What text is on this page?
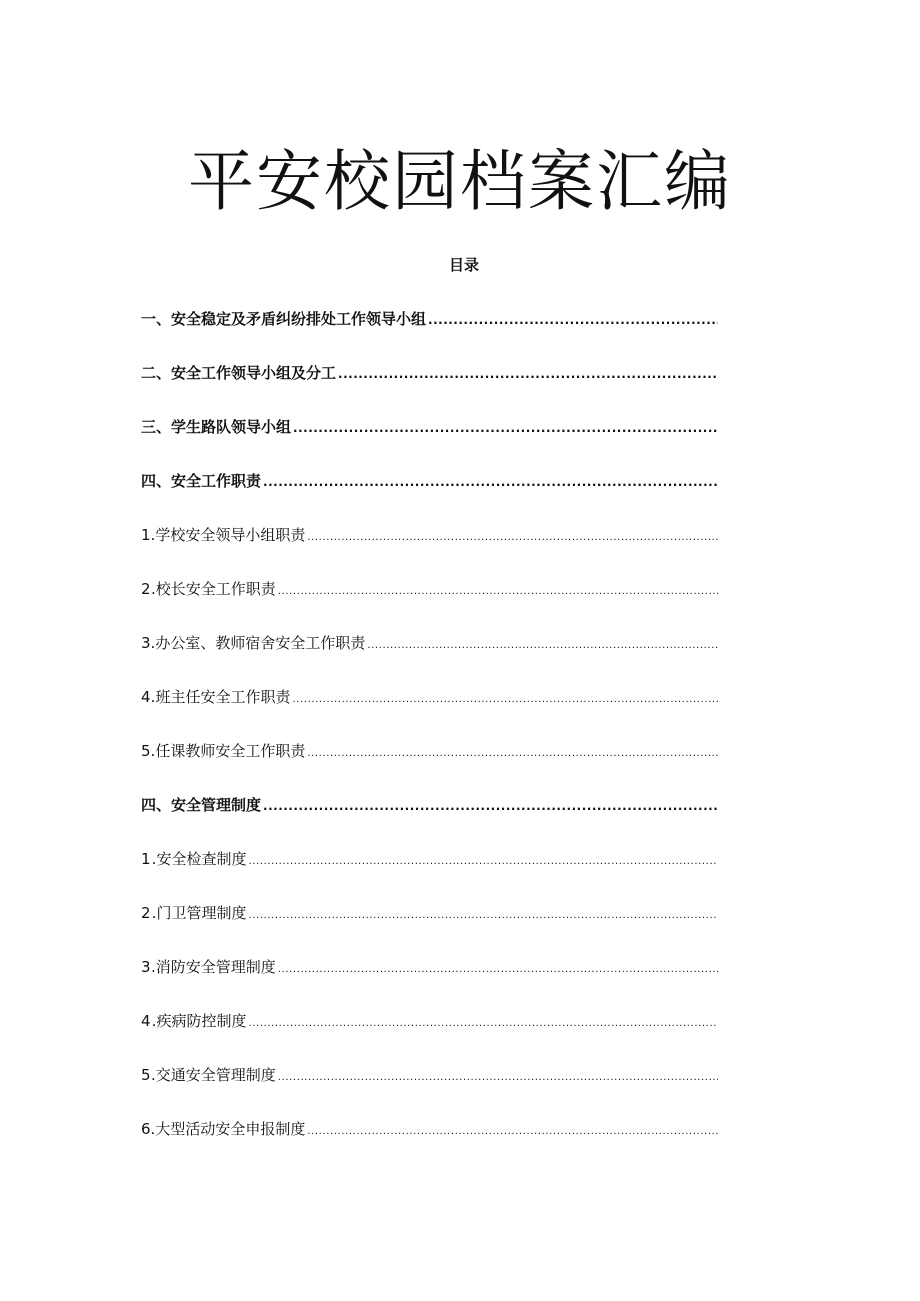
平安校园档案汇编
目录
一、安全稳定及矛盾纠纷排处工作领导小组
.....
二、安全工作领导小组及分工
.....
三、学生路队领导小组
.....
四、安全工作职责
.....
1 .学校安全领导小组职责
.....
2 .校长安全工作职责
.....
3 .办公室、教师宿舍安全工作职责
.....
4 .班主任安全工作职责
.....
5 .任课教师安全工作职责
.....
四、安全管理制度
.....
1 .安全检查制度
.....
2 .门卫管理制度
.....
3 .消防安全管理制度
.....
4 .疾病防控制度
.....
5 .交通安全管理制度
.....
6 .大型活动安全申报制度
.....
